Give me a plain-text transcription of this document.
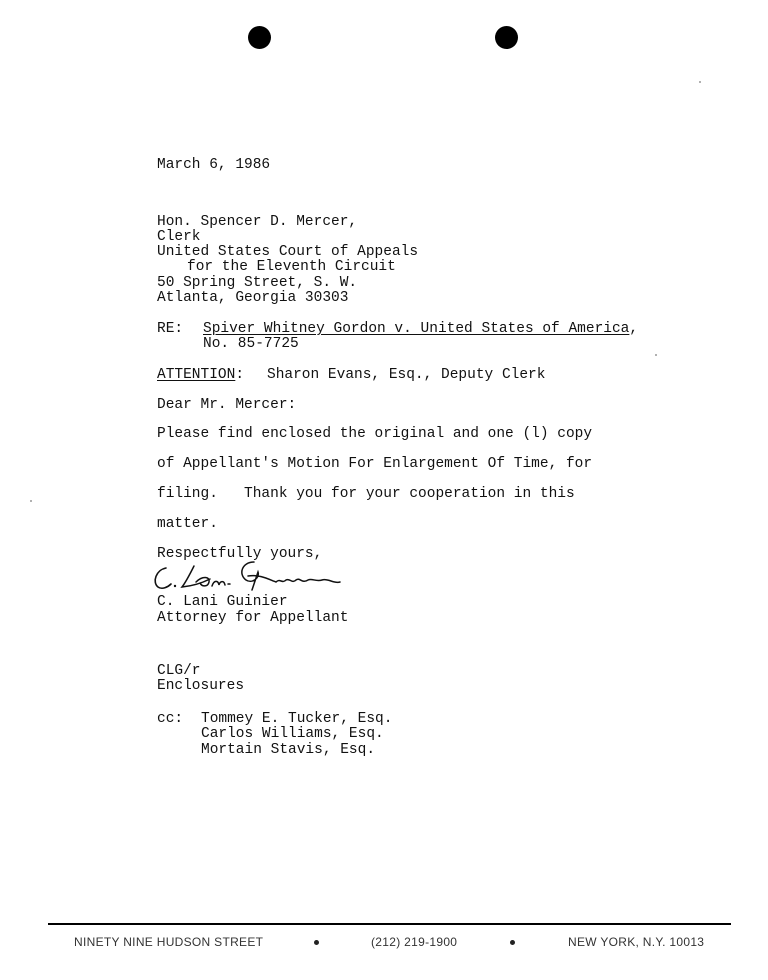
March 6, 1986
Hon. Spencer D. Mercer,
Clerk
United States Court of Appeals
for the Eleventh Circuit
50 Spring Street, S. W.
Atlanta, Georgia 30303
RE: Spiver Whitney Gordon v. United States of America,
No. 85-7725
ATTENTION: Sharon Evans, Esq., Deputy Clerk
Dear Mr. Mercer:
Please find enclosed the original and one (l) copy
of Appellant's Motion For Enlargement Of Time, for
filing.   Thank you for your cooperation in this
matter.
Respectfully yours,
C. Lani Guinier
Attorney for Appellant
CLG/r
Enclosures
cc: Tommey E. Tucker, Esq.
Carlos Williams, Esq.
Mortain Stavis, Esq.
NINETY NINE HUDSON STREET	(212) 219-1900	NEW YORK, N.Y. 10013
